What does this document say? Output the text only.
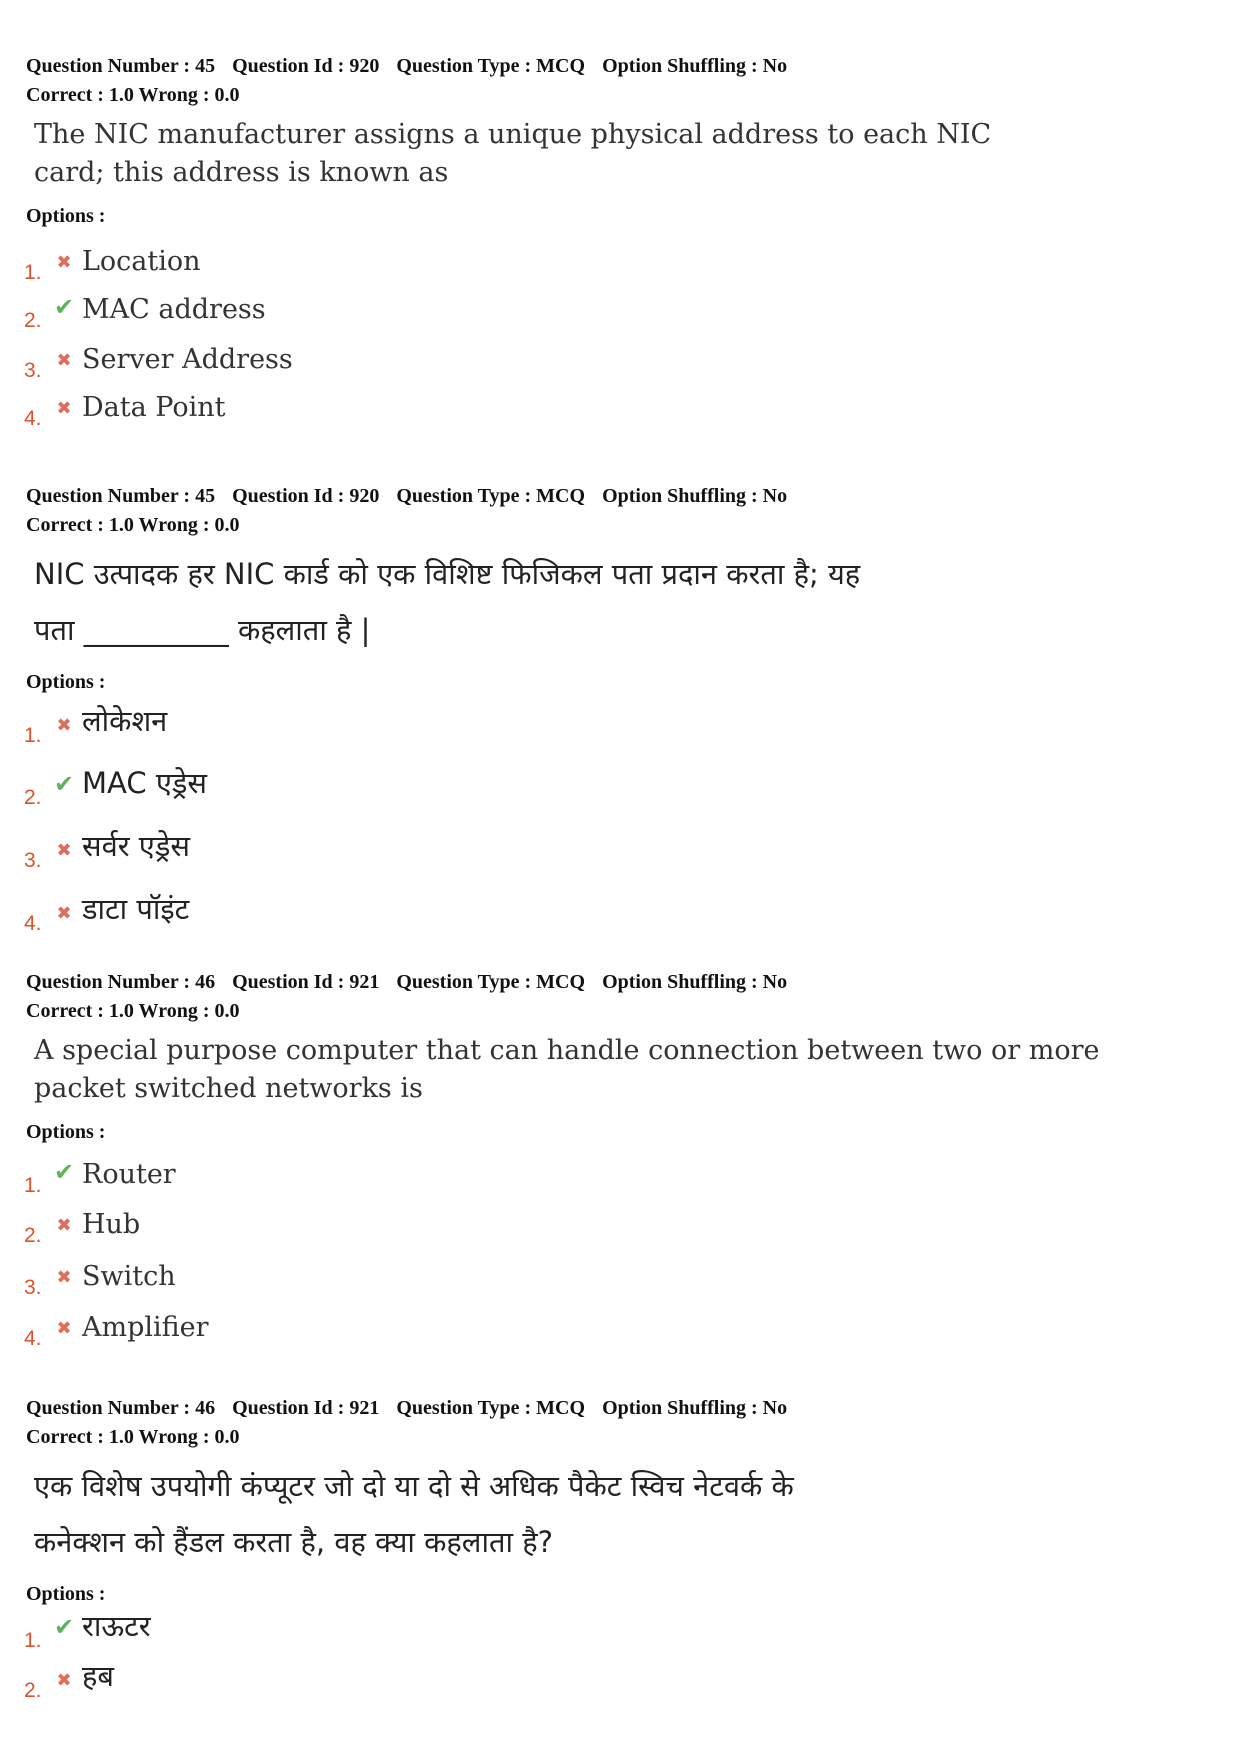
Question Number : 45 Question Id : 920 Question Type : MCQ Option Shuffling : No
Correct : 1.0 Wrong : 0.0
The NIC manufacturer assigns a unique physical address to each NIC card; this address is known as
Options :
1. ✖ Location
2. ✔ MAC address
3. ✖ Server Address
4. ✖ Data Point
Question Number : 45 Question Id : 920 Question Type : MCQ Option Shuffling : No
Correct : 1.0 Wrong : 0.0
NIC उत्पादक हर NIC कार्ड को एक विशिष्ट फिजिकल पता प्रदान करता है; यह
पता __________ कहलाता है |
Options :
1. ✖ लोकेशन
2. ✔ MAC एड्रेस
3. ✖ सर्वर एड्रेस
4. ✖ डाटा पॉइंट
Question Number : 46 Question Id : 921 Question Type : MCQ Option Shuffling : No
Correct : 1.0 Wrong : 0.0
A special purpose computer that can handle connection between two or more packet switched networks is
Options :
1. ✔ Router
2. ✖ Hub
3. ✖ Switch
4. ✖ Amplifier
Question Number : 46 Question Id : 921 Question Type : MCQ Option Shuffling : No
Correct : 1.0 Wrong : 0.0
एक विशेष उपयोगी कंप्यूटर जो दो या दो से अधिक पैकेट स्विच नेटवर्क के
कनेक्शन को हैंडल करता है, वह क्या कहलाता है?
Options :
1. ✔ राऊटर
2. ✖ हब
